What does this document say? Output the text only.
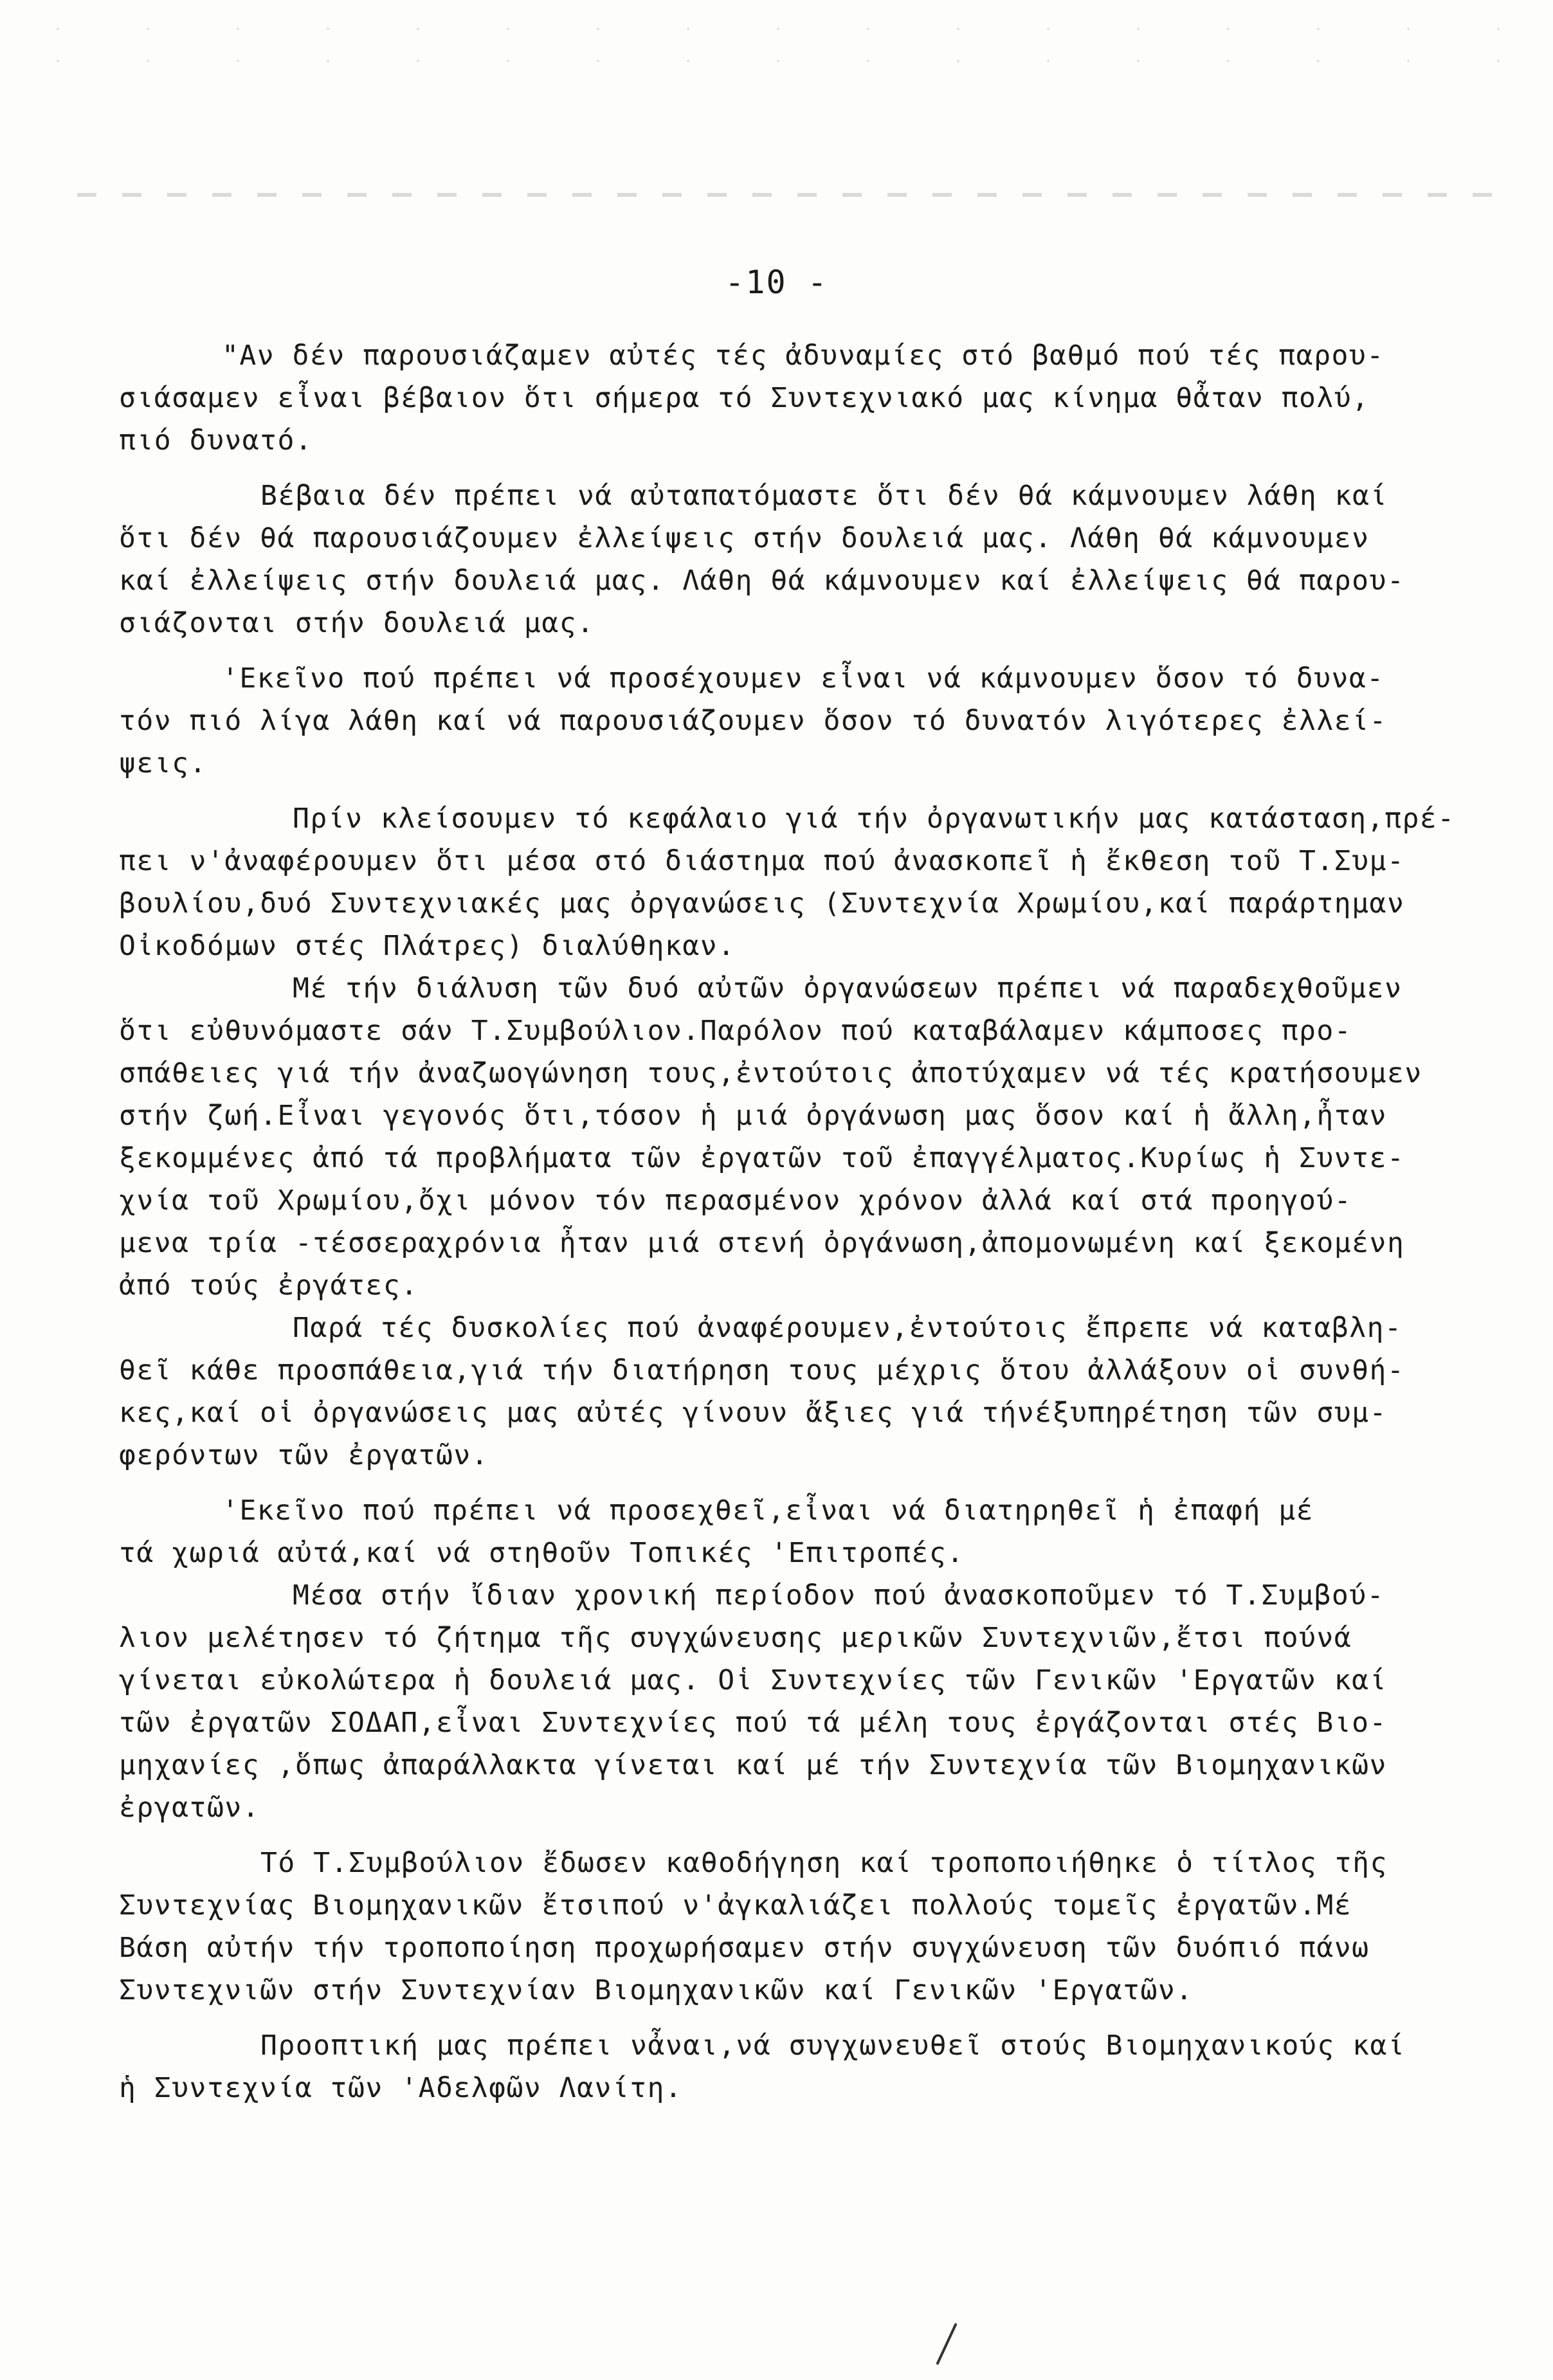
-10 -
"Αν δέν παρουσιάζαμεν αὐτές τές ἀδυναμίες στό βαθμό πού τές παρου-
σιάσαμεν εἶναι βέβαιον ὅτι σήμερα τό Συντεχνιακό μας κίνημα θἆταν πολύ,
πιό δυνατό.
Βέβαια δέν πρέπει νά αὐταπατόμαστε ὅτι δέν θά κάμνουμεν λάθη καί
ὅτι δέν θά παρουσιάζουμεν ἐλλείψεις στήν δουλειά μας. Λάθη θά κάμνουμεν
καί ἐλλείψεις στήν δουλειά μας. Λάθη θά κάμνουμεν καί ἐλλείψεις θά παρου-
σιάζονται στήν δουλειά μας.
'Εκεῖνο πού πρέπει νά προσέχουμεν εἶναι νά κάμνουμεν ὅσον τό δυνα-
τόν πιό λίγα λάθη καί νά παρουσιάζουμεν ὅσον τό δυνατόν λιγότερες ἐλλεί-
ψεις.
Πρίν κλείσουμεν τό κεφάλαιο γιά τήν ὀργανωτικήν μας κατάσταση,πρέ-
πει ν'ἀναφέρουμεν ὅτι μέσα στό διάστημα πού ἀνασκοπεῖ ἡ ἔκθεση τοῦ Τ.Συμ-
βουλίου,δυό Συντεχνιακές μας ὀργανώσεις (Συντεχνία Χρωμίου,καί παράρτημαν
Οἰκοδόμων στές Πλάτρες) διαλύθηκαν.
Μέ τήν διάλυση τῶν δυό αὐτῶν ὀργανώσεων πρέπει νά παραδεχθοῦμεν
ὅτι εὐθυνόμαστε σάν Τ.Συμβούλιον.Παρόλον πού καταβάλαμεν κάμποσες προ-
σπάθειες γιά τήν ἀναζωογώνηση τους,ἐντούτοις ἀποτύχαμεν νά τές κρατήσουμεν
στήν ζωή.Εἶναι γεγονός ὅτι,τόσον ἡ μιά ὀργάνωση μας ὅσον καί ἡ ἄλλη,ἦταν
ξεκομμένες ἀπό τά προβλήματα τῶν ἐργατῶν τοῦ ἐπαγγέλματος.Κυρίως ἡ Συντε-
χνία τοῦ Χρωμίου,ὄχι μόνον τόν περασμένον χρόνον ἀλλά καί στά προηγού-
μενα τρία -τέσσεραχρόνια ἦταν μιά στενή ὀργάνωση,ἀπομονωμένη καί ξεκομένη
ἀπό τούς ἐργάτες.
Παρά τές δυσκολίες πού ἀναφέρουμεν,ἐντούτοις ἔπρεπε νά καταβλη-
θεῖ κάθε προσπάθεια,γιά τήν διατήρηση τους μέχρις ὅτου ἀλλάξουν οἱ συνθή-
κες,καί οἱ ὀργανώσεις μας αὐτές γίνουν ἄξιες γιά τήνέξυπηρέτηση τῶν συμ-
φερόντων τῶν ἐργατῶν.
'Εκεῖνο πού πρέπει νά προσεχθεῖ,εἶναι νά διατηρηθεῖ ἡ ἐπαφή μέ
τά χωριά αὐτά,καί νά στηθοῦν Τοπικές 'Επιτροπές.
Μέσα στήν ἴδιαν χρονική περίοδον πού ἀνασκοποῦμεν τό Τ.Συμβού-
λιον μελέτησεν τό ζήτημα τῆς συγχώνευσης μερικῶν Συντεχνιῶν,ἔτσι πούνά
γίνεται εὐκολώτερα ἡ δουλειά μας. Οἱ Συντεχνίες τῶν Γενικῶν 'Εργατῶν καί
τῶν ἐργατῶν ΣΟΔΑΠ,εἶναι Συντεχνίες πού τά μέλη τους ἐργάζονται στές Βιο-
μηχανίες ,ὅπως ἀπαράλλακτα γίνεται καί μέ τήν Συντεχνία τῶν Βιομηχανικῶν
ἐργατῶν.
Τό Τ.Συμβούλιον ἔδωσεν καθοδήγηση καί τροποποιήθηκε ὁ τίτλος τῆς
Συντεχνίας Βιομηχανικῶν ἔτσιπού ν'ἀγκαλιάζει πολλούς τομεῖς ἐργατῶν.Μέ
Βάση αὐτήν τήν τροποποίηση προχωρήσαμεν στήν συγχώνευση τῶν δυόπιό πάνω
Συντεχνιῶν στήν Συντεχνίαν Βιομηχανικῶν καί Γενικῶν 'Εργατῶν.
Προοπτική μας πρέπει νἆναι,νά συγχωνευθεῖ στούς Βιομηχανικούς καί
ἡ Συντεχνία τῶν 'Αδελφῶν Λανίτη.
